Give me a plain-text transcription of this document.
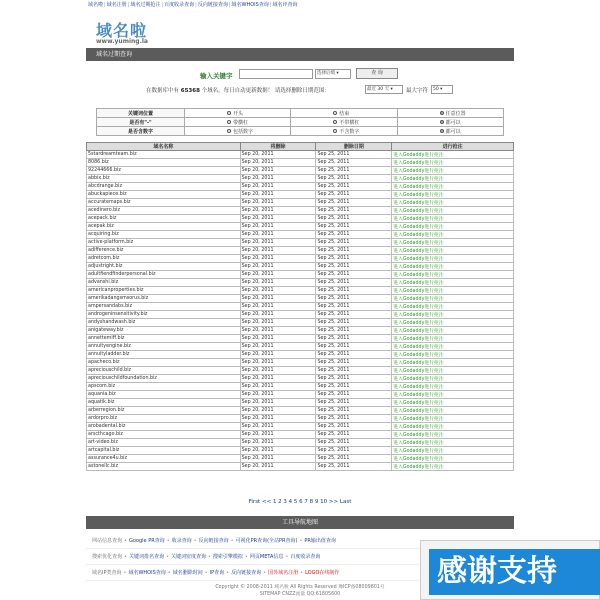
域名啦|域名注册|域名过期抢注|百度收录查询|反向链接查询|域名WHOIS查询|域名评查询
域名啦
www.yuming.la
域名过期查询
输入关键字	选择后缀 ▾	查 询
在数据库中有 65368 个域名，每日自动更新数据！ 请选择删除日期范围：	最近 30 天 ▾	最大字符	50 ▾
关键词位置	开头	结束	任意位置
是否有"-"	带横杠	不带横杠	都可以
是否含数字	包括数字	不含数字	都可以
域名名称	将删除	删除日期	进行抢注
5stardreamteam.biz	Sep 20, 2011	Sep 25, 2011	进入Godaddy进行抢注
8086.biz	Sep 20, 2011	Sep 25, 2011	进入Godaddy进行抢注
92244666.biz	Sep 20, 2011	Sep 25, 2011	进入Godaddy进行抢注
abbix.biz	Sep 20, 2011	Sep 25, 2011	进入Godaddy进行抢注
abcdrange.biz	Sep 20, 2011	Sep 25, 2011	进入Godaddy进行抢注
abuckapiece.biz	Sep 20, 2011	Sep 25, 2011	进入Godaddy进行抢注
accuratemaps.biz	Sep 20, 2011	Sep 25, 2011	进入Godaddy进行抢注
acedinero.biz	Sep 20, 2011	Sep 25, 2011	进入Godaddy进行抢注
acepack.biz	Sep 20, 2011	Sep 25, 2011	进入Godaddy进行抢注
acepak.biz	Sep 20, 2011	Sep 25, 2011	进入Godaddy进行抢注
acquiring.biz	Sep 20, 2011	Sep 25, 2011	进入Godaddy进行抢注
active-platform.biz	Sep 20, 2011	Sep 25, 2011	进入Godaddy进行抢注
adifference.biz	Sep 20, 2011	Sep 25, 2011	进入Godaddy进行抢注
adretcom.biz	Sep 20, 2011	Sep 25, 2011	进入Godaddy进行抢注
adjustright.biz	Sep 20, 2011	Sep 25, 2011	进入Godaddy进行抢注
adultfiendfinderpersonal.biz	Sep 20, 2011	Sep 25, 2011	进入Godaddy进行抢注
advanshi.biz	Sep 20, 2011	Sep 25, 2011	进入Godaddy进行抢注
americanproperties.biz	Sep 20, 2011	Sep 25, 2011	进入Godaddy进行抢注
amerikadangsmsorus.biz	Sep 20, 2011	Sep 25, 2011	进入Godaddy进行抢注
ampersandabs.biz	Sep 20, 2011	Sep 25, 2011	进入Godaddy进行抢注
androgeninsensitivity.biz	Sep 20, 2011	Sep 25, 2011	进入Godaddy进行抢注
andyshandwash.biz	Sep 20, 2011	Sep 25, 2011	进入Godaddy进行抢注
anigateway.biz	Sep 20, 2011	Sep 25, 2011	进入Godaddy进行抢注
annettemiff.biz	Sep 20, 2011	Sep 25, 2011	进入Godaddy进行抢注
annuityengine.biz	Sep 20, 2011	Sep 25, 2011	进入Godaddy进行抢注
annuityladder.biz	Sep 20, 2011	Sep 25, 2011	进入Godaddy进行抢注
apacheco.biz	Sep 20, 2011	Sep 25, 2011	进入Godaddy进行抢注
apreciouschild.biz	Sep 20, 2011	Sep 25, 2011	进入Godaddy进行抢注
apreciouschildfoundation.biz	Sep 20, 2011	Sep 25, 2011	进入Godaddy进行抢注
apscom.biz	Sep 20, 2011	Sep 25, 2011	进入Godaddy进行抢注
aquania.biz	Sep 20, 2011	Sep 25, 2011	进入Godaddy进行抢注
aquatik.biz	Sep 20, 2011	Sep 25, 2011	进入Godaddy进行抢注
arberregion.biz	Sep 20, 2011	Sep 25, 2011	进入Godaddy进行抢注
ardorpro.biz	Sep 20, 2011	Sep 25, 2011	进入Godaddy进行抢注
arobadental.biz	Sep 20, 2011	Sep 25, 2011	进入Godaddy进行抢注
arscthcago.biz	Sep 20, 2011	Sep 25, 2011	进入Godaddy进行抢注
art-video.biz	Sep 20, 2011	Sep 25, 2011	进入Godaddy进行抢注
artcapital.biz	Sep 20, 2011	Sep 25, 2011	进入Godaddy进行抢注
assurance4u.biz	Sep 20, 2011	Sep 25, 2011	进入Godaddy进行抢注
astonellc.biz	Sep 20, 2011	Sep 25, 2011	进入Godaddy进行抢注
First << 1 2 3 4 5 6 7 8 9 10 >> Last
工具导航地图
网站信息查询 • Google PR查询 • 收录查询 • 反向链接查询 • 可视化PR查询(全站PR查询) • PR输出值查询
搜索优化查询 • 关键词排名查询 • 关键词密度查询 • 搜索引擎模拟 • 网页META信息 • 百度收录查询
域名IP类查询 • 域名WHOIS查询 • 域名删除时间 • IP查询 • 反向链接查询 • 国外域名注册 • LOGO在线制作
Copyright © 2008-2011 域名啦 All Rights Reserved 豫ICP备08009801号
SITEMAP CNZZ流量 QQ:61805600
感谢支持
